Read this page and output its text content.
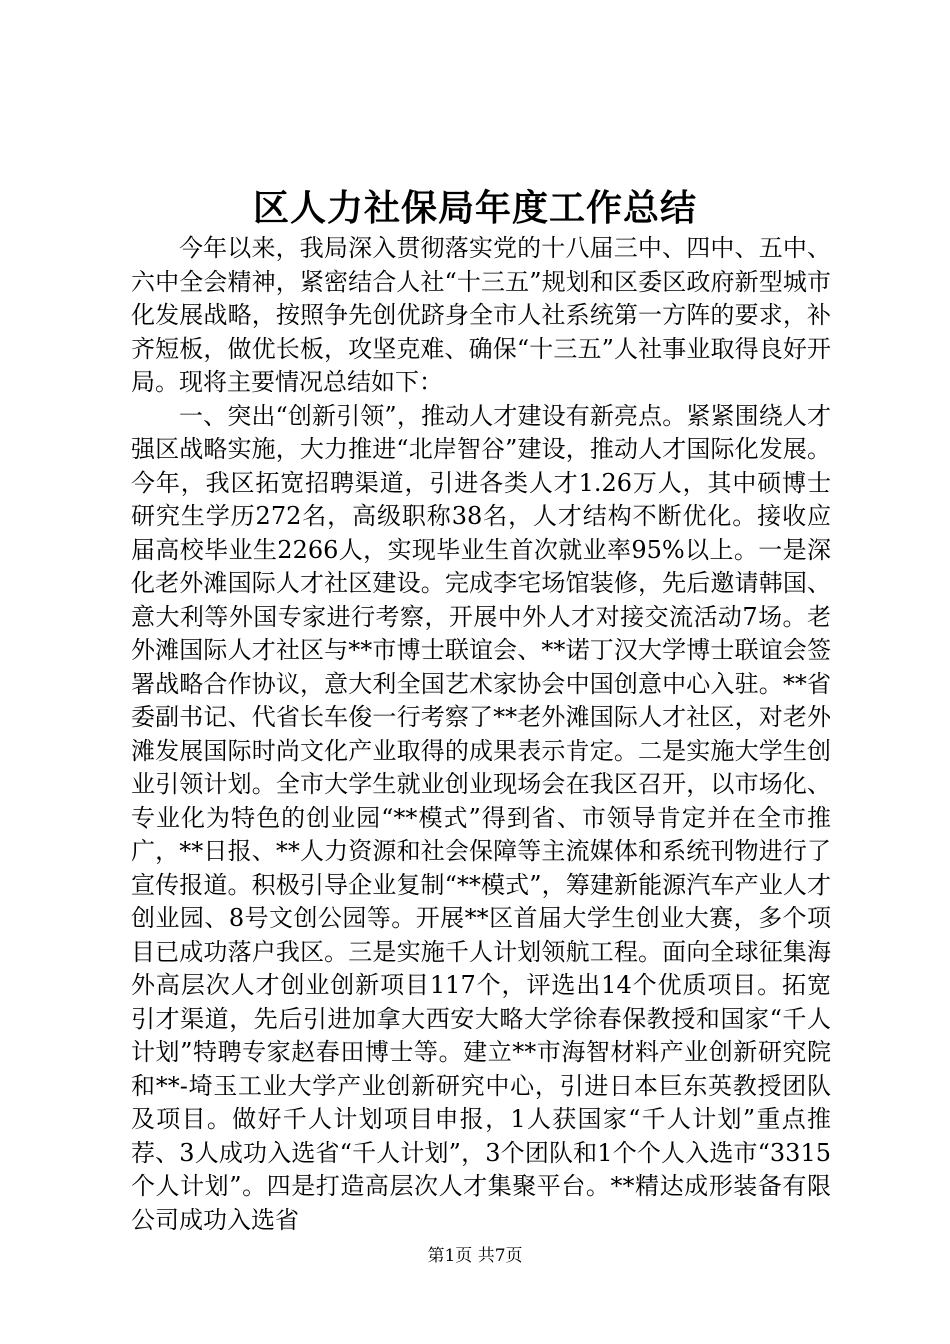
区人力社保局年度工作总结

今年以来，我局深入贯彻落实党的十八届三中、四中、五中、六中全会精神，紧密结合人社“十三五”规划和区委区政府新型城市化发展战略，按照争先创优跻身全市人社系统第一方阵的要求，补齐短板，做优长板，攻坚克难、确保“十三五”人社事业取得良好开局。现将主要情况总结如下：

一、突出“创新引领”，推动人才建设有新亮点。紧紧围绕人才强区战略实施，大力推进“北岸智谷”建设，推动人才国际化发展。今年，我区拓宽招聘渠道，引进各类人才1.26万人，其中硕博士研究生学历272名，高级职称38名，人才结构不断优化。接收应届高校毕业生2266人，实现毕业生首次就业率95%以上。一是深化老外滩国际人才社区建设。完成李宅场馆装修，先后邀请韩国、意大利等外国专家进行考察，开展中外人才对接交流活动7场。老外滩国际人才社区与**市博士联谊会、**诺丁汉大学博士联谊会签署战略合作协议，意大利全国艺术家协会中国创意中心入驻。**省委副书记、代省长车俊一行考察了**老外滩国际人才社区，对老外滩发展国际时尚文化产业取得的成果表示肯定。二是实施大学生创业引领计划。全市大学生就业创业现场会在我区召开，以市场化、专业化为特色的创业园“**模式”得到省、市领导肯定并在全市推广，**日报、**人力资源和社会保障等主流媒体和系统刊物进行了宣传报道。积极引导企业复制“**模式”，筹建新能源汽车产业人才创业园、8号文创公园等。开展**区首届大学生创业大赛，多个项目已成功落户我区。三是实施千人计划领航工程。面向全球征集海外高层次人才创业创新项目117个，评选出14个优质项目。拓宽引才渠道，先后引进加拿大西安大略大学徐春保教授和国家“千人计划”特聘专家赵春田博士等。建立**市海智材料产业创新研究院和**-埼玉工业大学产业创新研究中心，引进日本巨东英教授团队及项目。做好千人计划项目申报，1人获国家“千人计划”重点推荐、3人成功入选省“千人计划”，3个团队和1个个人入选市“3315个人计划”。四是打造高层次人才集聚平台。**精达成形装备有限公司成功入选省

第1页 共7页
